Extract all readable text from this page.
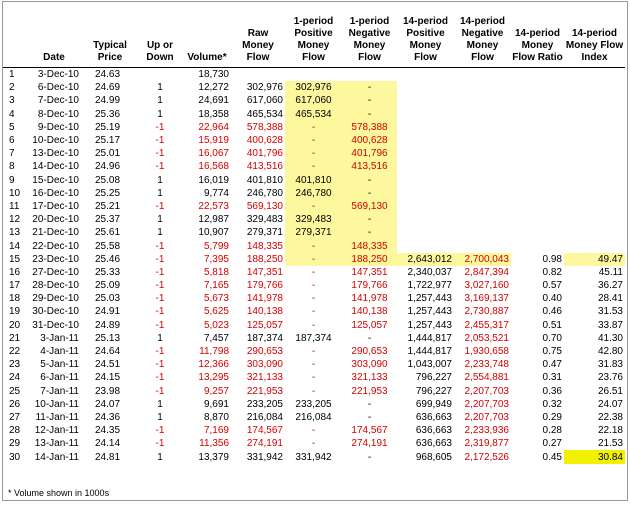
	Date	Typical Price	Up or Down	Volume*	Raw Money Flow	1-period Positive Money Flow	1-period Negative Money Flow	14-period Positive Money Flow	14-period Negative Money Flow	14-period Money Flow Ratio	14-period Money Flow Index
1	3-Dec-10	24.63		18,730							
2	6-Dec-10	24.69	1	12,272	302,976	302,976	-				
3	7-Dec-10	24.99	1	24,691	617,060	617,060	-				
4	8-Dec-10	25.36	1	18,358	465,534	465,534	-				
5	9-Dec-10	25.19	-1	22,964	578,388	-	578,388				
6	10-Dec-10	25.17	-1	15,919	400,628	-	400,628				
7	13-Dec-10	25.01	-1	16,067	401,796	-	401,796				
8	14-Dec-10	24.96	-1	16,568	413,516	-	413,516				
9	15-Dec-10	25.08	1	16,019	401,810	401,810	-				
10	16-Dec-10	25.25	1	9,774	246,780	246,780	-				
11	17-Dec-10	25.21	-1	22,573	569,130	-	569,130				
12	20-Dec-10	25.37	1	12,987	329,483	329,483	-				
13	21-Dec-10	25.61	1	10,907	279,371	279,371	-				
14	22-Dec-10	25.58	-1	5,799	148,335	-	148,335				
15	23-Dec-10	25.46	-1	7,395	188,250	-	188,250	2,643,012	2,700,043	0.98	49.47
16	27-Dec-10	25.33	-1	5,818	147,351	-	147,351	2,340,037	2,847,394	0.82	45.11
17	28-Dec-10	25.09	-1	7,165	179,766	-	179,766	1,722,977	3,027,160	0.57	36.27
18	29-Dec-10	25.03	-1	5,673	141,978	-	141,978	1,257,443	3,169,137	0.40	28.41
19	30-Dec-10	24.91	-1	5,625	140,138	-	140,138	1,257,443	2,730,887	0.46	31.53
20	31-Dec-10	24.89	-1	5,023	125,057	-	125,057	1,257,443	2,455,317	0.51	33.87
21	3-Jan-11	25.13	1	7,457	187,374	187,374	-	1,444,817	2,053,521	0.70	41.30
22	4-Jan-11	24.64	-1	11,798	290,653	-	290,653	1,444,817	1,930,658	0.75	42.80
23	5-Jan-11	24.51	-1	12,366	303,090	-	303,090	1,043,007	2,233,748	0.47	31.83
24	6-Jan-11	24.15	-1	13,295	321,133	-	321,133	796,227	2,554,881	0.31	23.76
25	7-Jan-11	23.98	-1	9,257	221,953	-	221,953	796,227	2,207,703	0.36	26.51
26	10-Jan-11	24.07	1	9,691	233,205	233,205	-	699,949	2,207,703	0.32	24.07
27	11-Jan-11	24.36	1	8,870	216,084	216,084	-	636,663	2,207,703	0.29	22.38
28	12-Jan-11	24.35	-1	7,169	174,567	-	174,567	636,663	2,233,936	0.28	22.18
29	13-Jan-11	24.14	-1	11,356	274,191	-	274,191	636,663	2,319,877	0.27	21.53
30	14-Jan-11	24.81	1	13,379	331,942	331,942	-	968,605	2,172,526	0.45	30.84
* Volume shown in 1000s
